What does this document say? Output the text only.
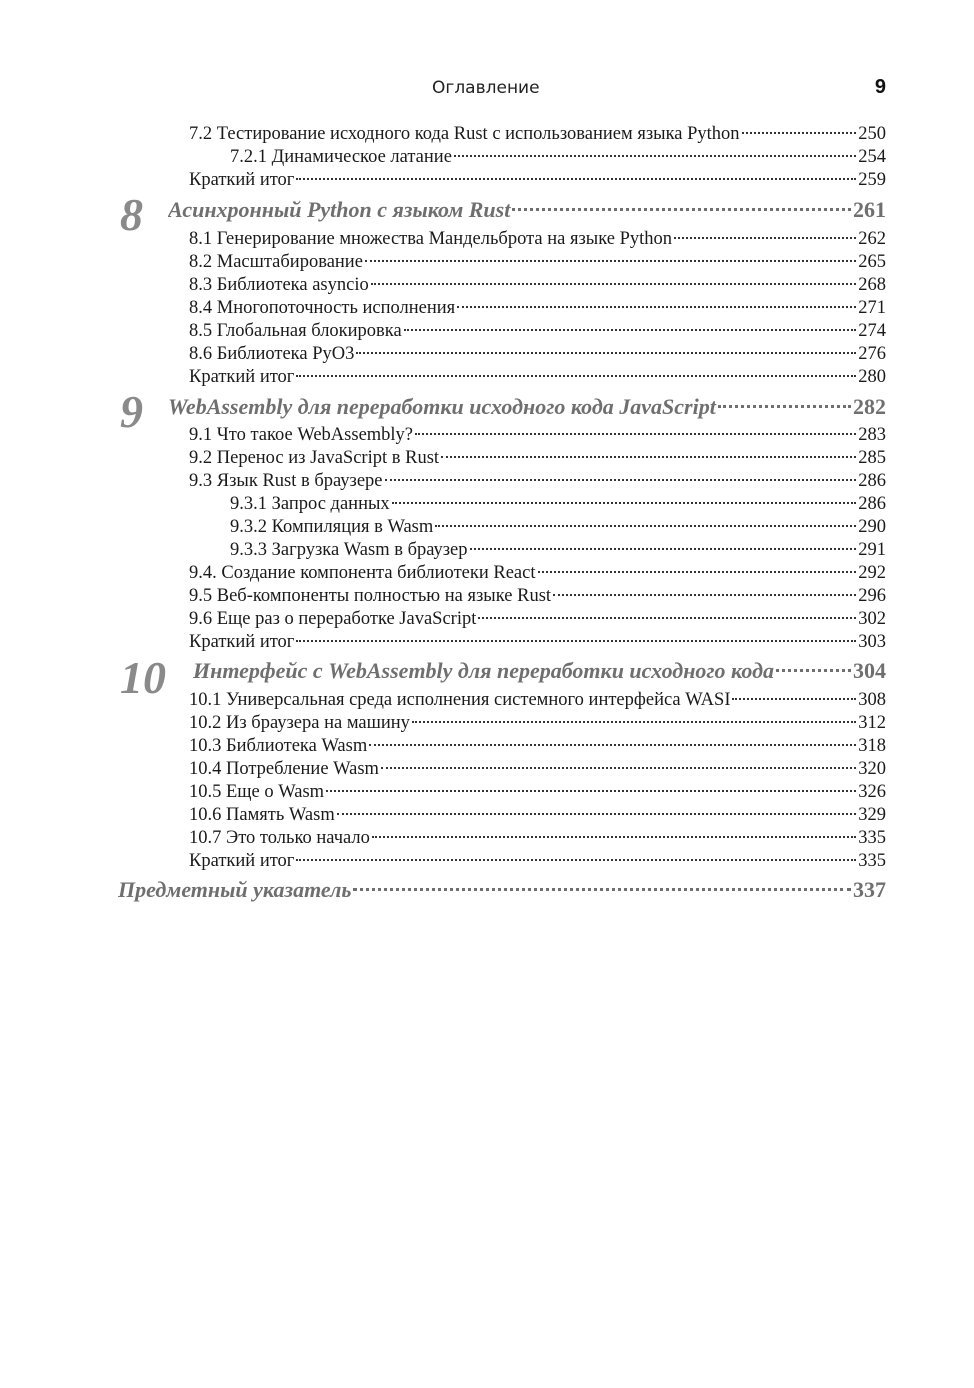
Оглавление	9
7.2 Тестирование исходного кода Rust с использованием языка Python	250
7.2.1 Динамическое латание	254
Краткий итог	259
8 Асинхронный Python с языком Rust	261
8.1 Генерирование множества Мандельброта на языке Python	262
8.2 Масштабирование	265
8.3 Библиотека asyncio	268
8.4 Многопоточность исполнения	271
8.5 Глобальная блокировка	274
8.6 Библиотека PyO3	276
Краткий итог	280
9 WebAssembly для переработки исходного кода JavaScript	282
9.1 Что такое WebAssembly?	283
9.2 Перенос из JavaScript в Rust	285
9.3 Язык Rust в браузере	286
9.3.1 Запрос данных	286
9.3.2 Компиляция в Wasm	290
9.3.3 Загрузка Wasm в браузер	291
9.4. Создание компонента библиотеки React	292
9.5 Веб-компоненты полностью на языке Rust	296
9.6 Еще раз о переработке JavaScript	302
Краткий итог	303
10 Интерфейс с WebAssembly для переработки исходного кода	304
10.1 Универсальная среда исполнения системного интерфейса WASI	308
10.2 Из браузера на машину	312
10.3 Библиотека Wasm	318
10.4 Потребление Wasm	320
10.5 Еще о Wasm	326
10.6 Память Wasm	329
10.7 Это только начало	335
Краткий итог	335
Предметный указатель	337
